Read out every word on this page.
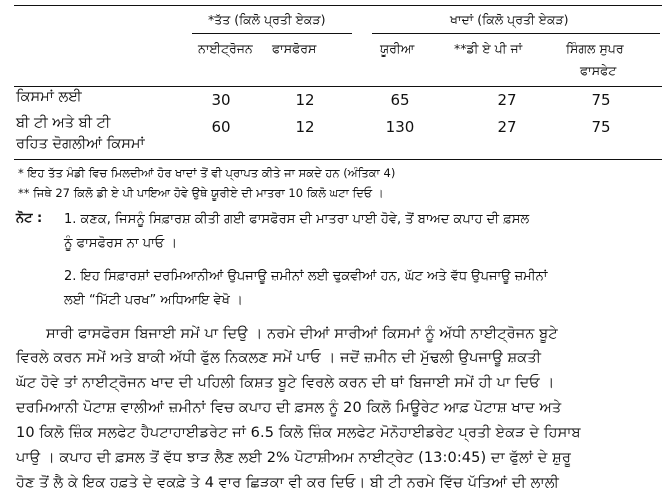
*ਤੱਤ (ਕਿਲੋ ਪ੍ਰਤੀ ਏਕੜ)	ਖਾਦਾਂ (ਕਿਲੋ ਪ੍ਰਤੀ ਏਕੜ)
ਨਾਈਟ੍ਰੋਜਨ ਫਾਸਫੋਰਸ	ਯੂਰੀਆ	**ਡੀ ਏ ਪੀ ਜਾਂ	ਸਿੰਗਲ ਸੁਪਰ
ਫਾਸਫੇਟ
ਕਿਸਮਾਂ ਲਈ	30	12	65	27	75
ਬੀ ਟੀ ਅਤੇ ਬੀ ਟੀ
ਰਹਿਤ ਦੋਗਲੀਆਂ ਕਿਸਮਾਂ
60	12	130	27	75
* ਇਹ ਤੱਤ ਮੰਡੀ ਵਿਚ ਮਿਲਦੀਆਂ ਹੋਰ ਖਾਦਾਂ ਤੋਂ ਵੀ ਪ੍ਰਾਪਤ ਕੀਤੇ ਜਾ ਸਕਦੇ ਹਨ (ਅੰਤਿਕਾ 4)
** ਜਿਥੇ 27 ਕਿਲੋ ਡੀ ਏ ਪੀ ਪਾਇਆ ਹੋਵੇ ਉਥੇ ਯੂਰੀਏ ਦੀ ਮਾਤਰਾ 10 ਕਿਲੋ ਘਟਾ ਦਿਓ ।
ਨੋਟ : 1. ਕਣਕ, ਜਿਸਨੂੰ ਸਿਫ਼ਾਰਸ਼ ਕੀਤੀ ਗਈ ਫਾਸਫੋਰਸ ਦੀ ਮਾਤਰਾ ਪਾਈ ਹੋਵੇ, ਤੋਂ ਬਾਅਦ ਕਪਾਹ ਦੀ ਫ਼ਸਲ
ਨੂੰ ਫਾਸਫੋਰਸ ਨਾ ਪਾਓ ।
2. ਇਹ ਸਿਫ਼ਾਰਸ਼ਾਂ ਦਰਮਿਆਨੀਆਂ ਉਪਜਾਊ ਜ਼ਮੀਨਾਂ ਲਈ ਢੁਕਵੀਆਂ ਹਨ, ਘੱਟ ਅਤੇ ਵੱਧ ਉਪਜਾਊ ਜ਼ਮੀਨਾਂ
ਲਈ “ਮਿੱਟੀ ਪਰਖ” ਅਧਿਆਇ ਵੇਖੋ ।
ਸਾਰੀ ਫਾਸਫੋਰਸ ਬਿਜਾਈ ਸਮੇਂ ਪਾ ਦਿਉ । ਨਰਮੇ ਦੀਆਂ ਸਾਰੀਆਂ ਕਿਸਮਾਂ ਨੂੰ ਅੱਧੀ ਨਾਈਟ੍ਰੋਜਨ ਬੂਟੇ
ਵਿਰਲੇ ਕਰਨ ਸਮੇਂ ਅਤੇ ਬਾਕੀ ਅੱਧੀ ਫੁੱਲ ਨਿਕਲਣ ਸਮੇਂ ਪਾਓ । ਜਦੋਂ ਜ਼ਮੀਨ ਦੀ ਮੁੱਢਲੀ ਉਪਜਾਊ ਸ਼ਕਤੀ
ਘੱਟ ਹੋਵੇ ਤਾਂ ਨਾਈਟ੍ਰੋਜਨ ਖਾਦ ਦੀ ਪਹਿਲੀ ਕਿਸ਼ਤ ਬੂਟੇ ਵਿਰਲੇ ਕਰਨ ਦੀ ਥਾਂ ਬਿਜਾਈ ਸਮੇਂ ਹੀ ਪਾ ਦਿਓ ।
ਦਰਮਿਆਨੀ ਪੋਟਾਸ਼ ਵਾਲੀਆਂ ਜ਼ਮੀਨਾਂ ਵਿਚ ਕਪਾਹ ਦੀ ਫ਼ਸਲ ਨੂੰ 20 ਕਿਲੋ ਮਿਊਰੇਟ ਆਫ਼ ਪੋਟਾਸ਼ ਖਾਦ ਅਤੇ
10 ਕਿਲੋ ਜ਼ਿੰਕ ਸਲਫੇਟ ਹੈਪਟਾਹਾਈਡਰੇਟ ਜਾਂ 6.5 ਕਿਲੋ ਜ਼ਿੰਕ ਸਲਫੇਟ ਮੋਨੋਹਾਈਡਰੇਟ ਪ੍ਰਤੀ ਏਕੜ ਦੇ ਹਿਸਾਬ
ਪਾਉ । ਕਪਾਹ ਦੀ ਫ਼ਸਲ ਤੋਂ ਵੱਧ ਝਾੜ ਲੈਣ ਲਈ 2% ਪੋਟਾਸ਼ੀਅਮ ਨਾਈਟ੍ਰੇਟ (13:0:45) ਦਾ ਫੁੱਲਾਂ ਦੇ ਸ਼ੁਰੂ
ਹੋਣ ਤੋਂ ਲੈ ਕੇ ਇਕ ਹਫ਼ਤੇ ਦੇ ਵਕਫ਼ੇ ਤੇ 4 ਵਾਰ ਛਿੜਕਾ ਵੀ ਕਰ ਦਿਓ। ਬੀ ਟੀ ਨਰਮੇ ਵਿੱਚ ਪੱਤਿਆਂ ਦੀ ਲਾਲੀ
